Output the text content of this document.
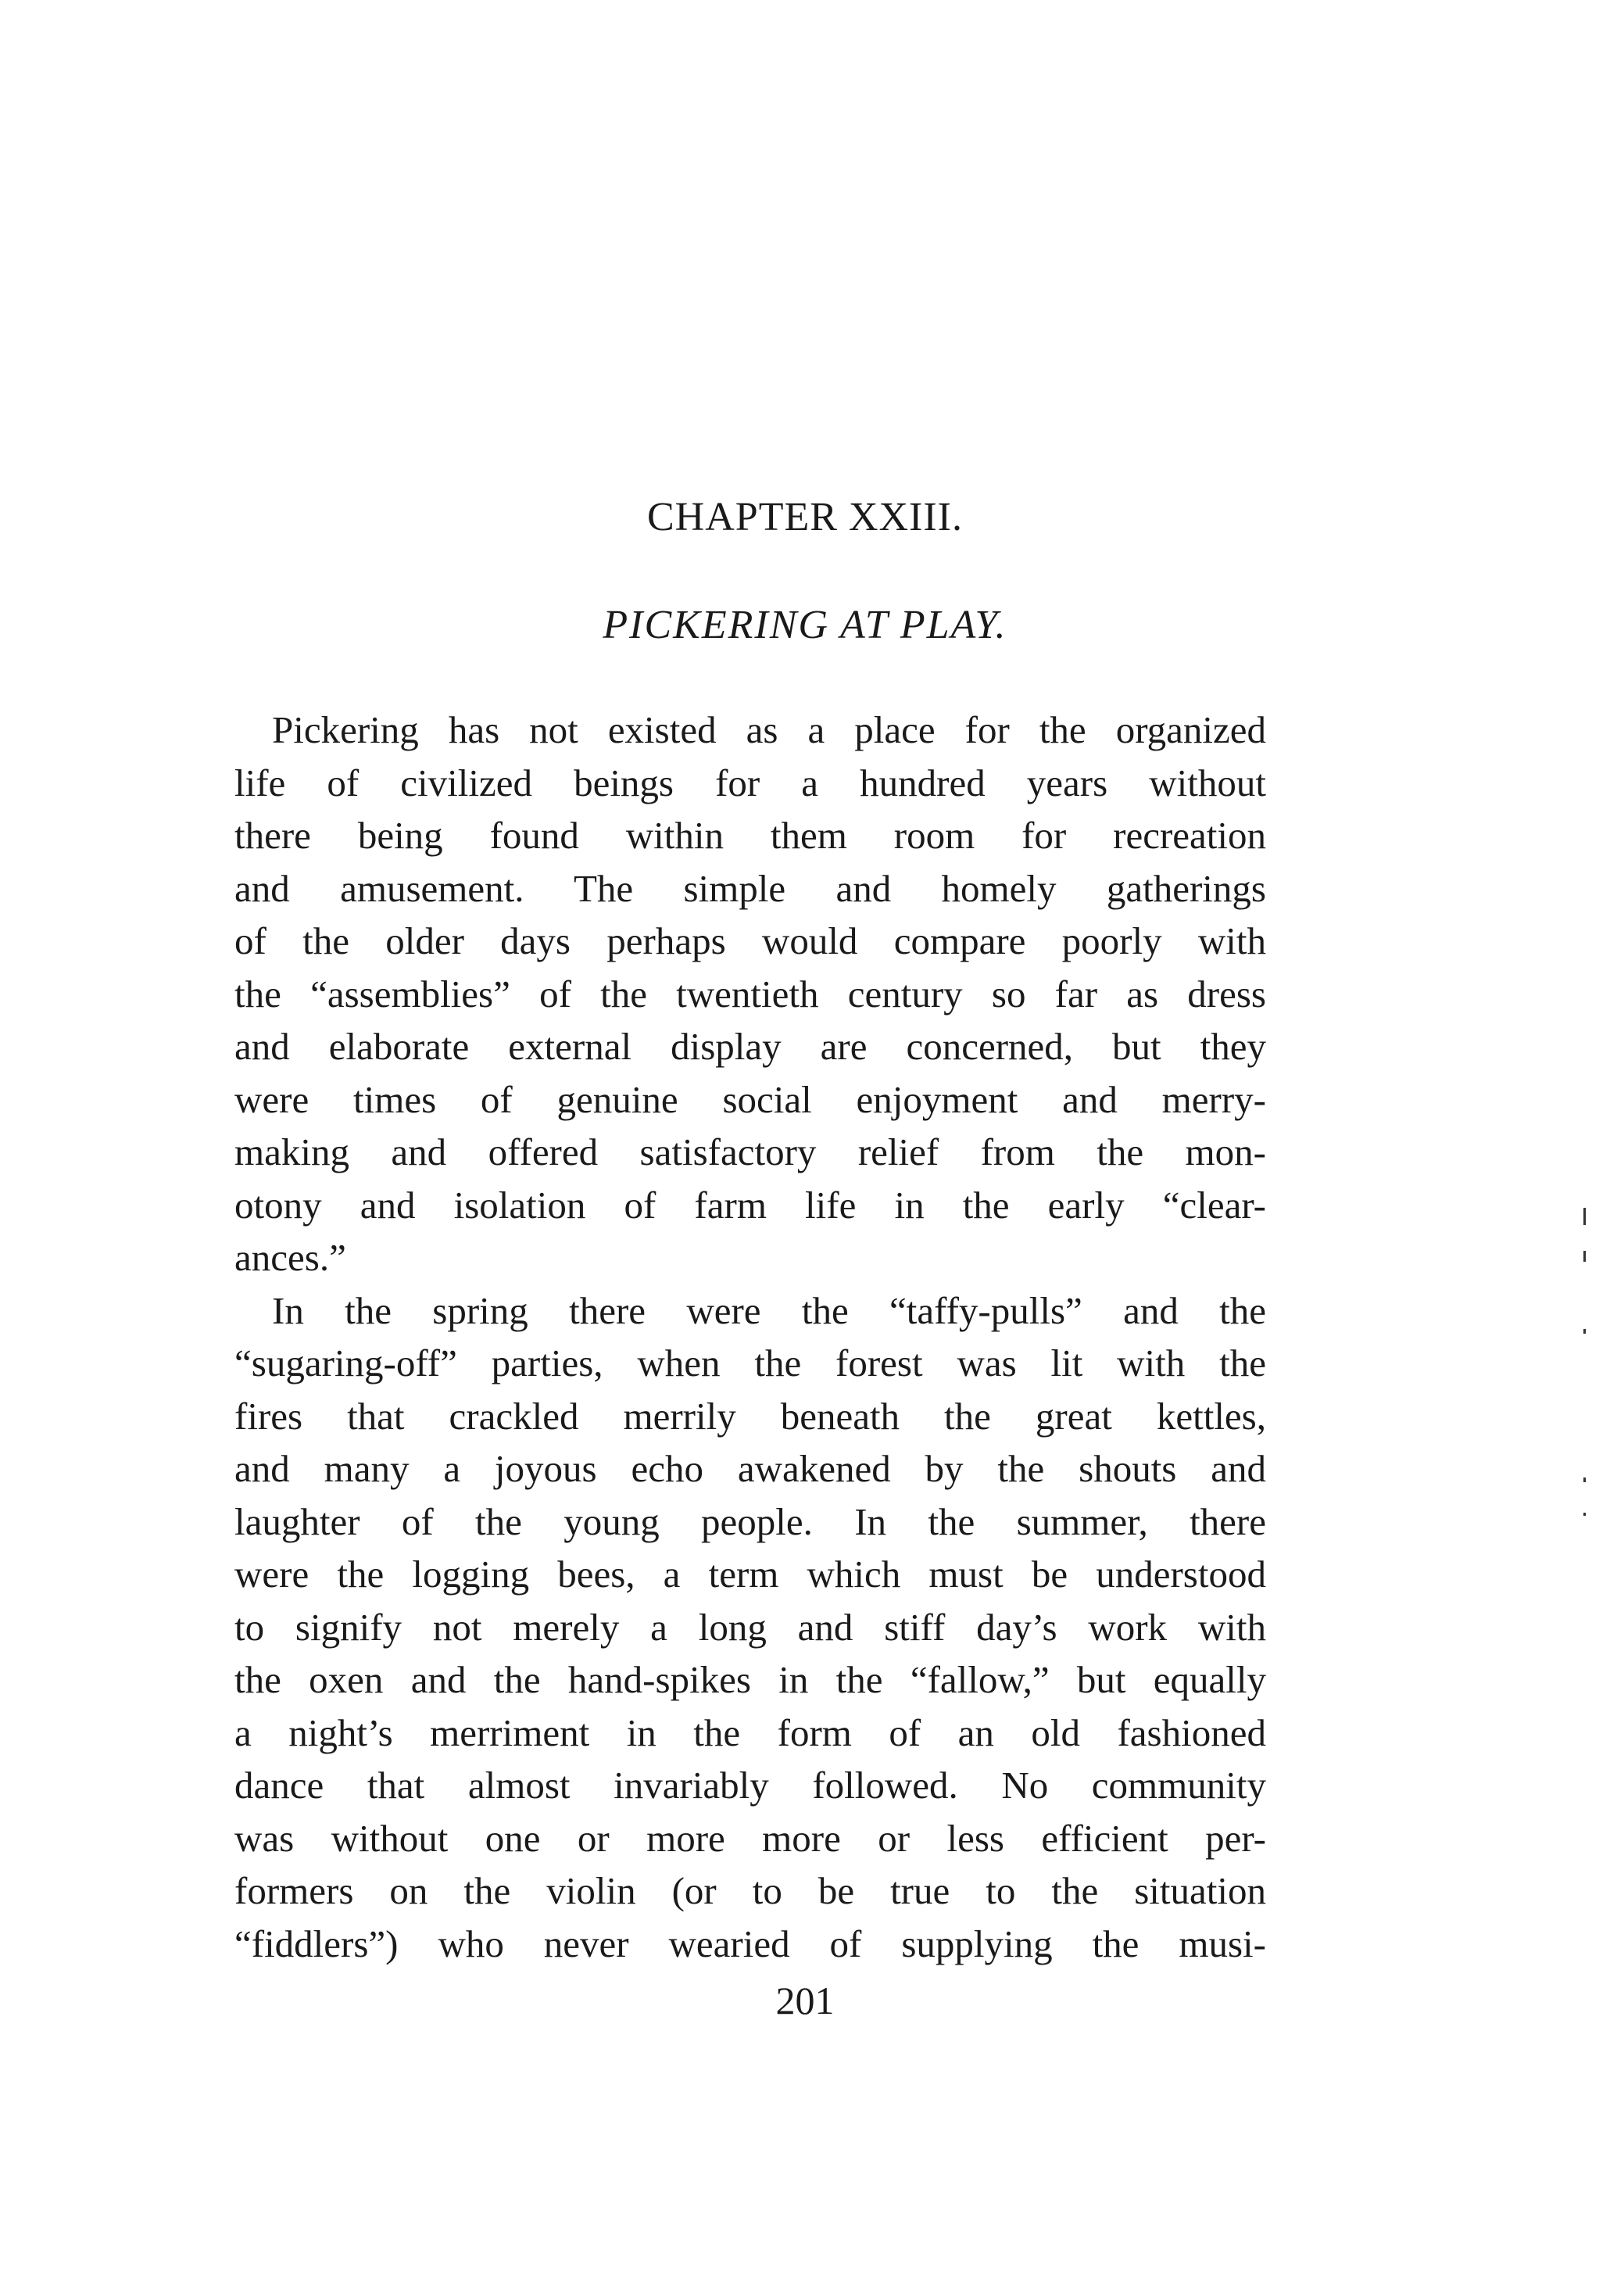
CHAPTER XXIII.
PICKERING AT PLAY.
Pickering has not existed as a place for the organized
life of civilized beings for a hundred years without
there being found within them room for recreation
and amusement. The simple and homely gatherings
of the older days perhaps would compare poorly with
the “assemblies” of the twentieth century so far as dress
and elaborate external display are concerned, but they
were times of genuine social enjoyment and merry-
making and offered satisfactory relief from the mon-
otony and isolation of farm life in the early “clear-
ances.”
In the spring there were the “taffy-pulls” and the
“sugaring-off” parties, when the forest was lit with the
fires that crackled merrily beneath the great kettles,
and many a joyous echo awakened by the shouts and
laughter of the young people. In the summer, there
were the logging bees, a term which must be understood
to signify not merely a long and stiff day’s work with
the oxen and the hand-spikes in the “fallow,” but equally
a night’s merriment in the form of an old fashioned
dance that almost invariably followed. No community
was without one or more more or less efficient per-
formers on the violin (or to be true to the situation
“fiddlers”) who never wearied of supplying the musi-
201
